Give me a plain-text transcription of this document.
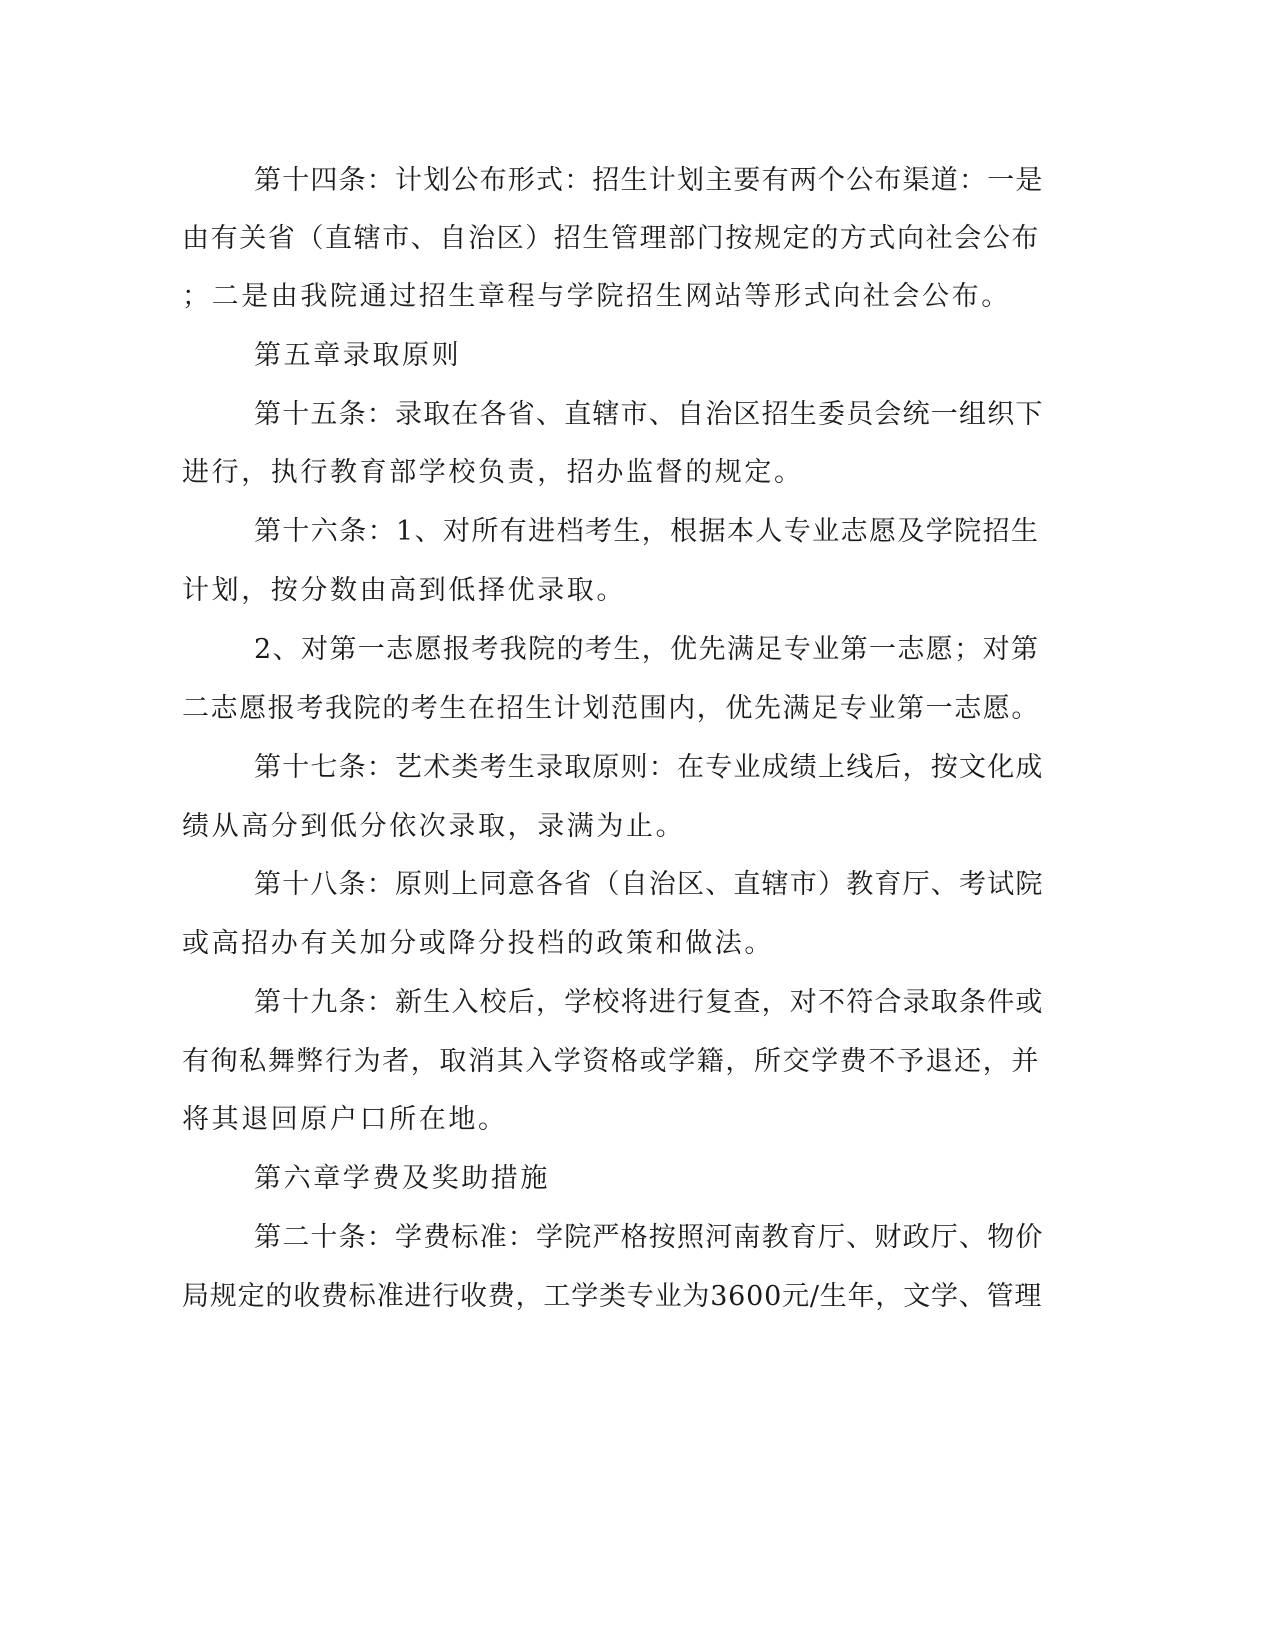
第十四条：计划公布形式：招生计划主要有两个公布渠道：一是

由有关省（直辖市、自治区）招生管理部门按规定的方式向社会公布

；二是由我院通过招生章程与学院招生网站等形式向社会公布。

第五章录取原则

第十五条：录取在各省、直辖市、自治区招生委员会统一组织下

进行，执行教育部学校负责，招办监督的规定。

第十六条：1、对所有进档考生，根据本人专业志愿及学院招生

计划，按分数由高到低择优录取。

2、对第一志愿报考我院的考生，优先满足专业第一志愿；对第

二志愿报考我院的考生在招生计划范围内，优先满足专业第一志愿。

第十七条：艺术类考生录取原则：在专业成绩上线后，按文化成

绩从高分到低分依次录取，录满为止。

第十八条：原则上同意各省（自治区、直辖市）教育厅、考试院

或高招办有关加分或降分投档的政策和做法。

第十九条：新生入校后，学校将进行复查，对不符合录取条件或

有徇私舞弊行为者，取消其入学资格或学籍，所交学费不予退还，并

将其退回原户口所在地。

第六章学费及奖助措施

第二十条：学费标准：学院严格按照河南教育厅、财政厅、物价

局规定的收费标准进行收费，工学类专业为3600元/生年，文学、管理
